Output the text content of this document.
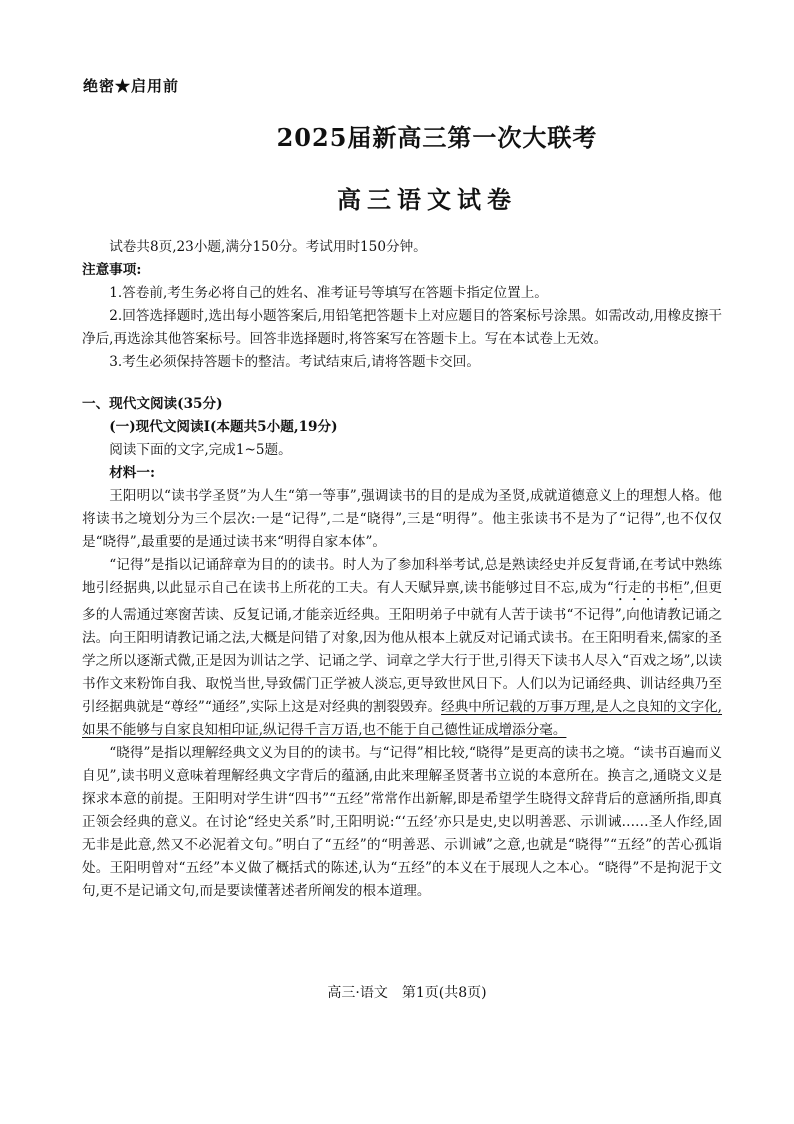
绝密★启用前
2025届新高三第一次大联考
高三语文试卷

试卷共8页,23小题,满分150分。考试用时150分钟。

注意事项:

1.答卷前,考生务必将自己的姓名、准考证号等填写在答题卡指定位置上。

2.回答选择题时,选出每小题答案后,用铅笔把答题卡上对应题目的答案标号涂黑。如需改动,用橡皮擦干净后,再选涂其他答案标号。回答非选择题时,将答案写在答题卡上。写在本试卷上无效。

3.考生必须保持答题卡的整洁。考试结束后,请将答题卡交回。

一、现代文阅读(35分)

(一)现代文阅读Ⅰ(本题共5小题,19分)

阅读下面的文字,完成1~5题。

材料一:

王阳明以“读书学圣贤”为人生“第一等事”,强调读书的目的是成为圣贤,成就道德意义上的理想人格。他将读书之境划分为三个层次:一是“记得”,二是“晓得”,三是“明得”。他主张读书不是为了“记得”,也不仅仅是“晓得”,最重要的是通过读书来“明得自家本体”。

“记得”是指以记诵辞章为目的的读书。时人为了参加科举考试,总是熟读经史并反复背诵,在考试中熟练地引经据典,以此显示自己在读书上所花的工夫。有人天赋异禀,读书能够过目不忘,成为“行走的书柜”,但更多的人需通过寒窗苦读、反复记诵,才能亲近经典。王阳明弟子中就有人苦于读书“不记得”,向他请教记诵之法。向王阳明请教记诵之法,大概是问错了对象,因为他从根本上就反对记诵式读书。在王阳明看来,儒家的圣学之所以逐渐式微,正是因为训诂之学、记诵之学、词章之学大行于世,引得天下读书人尽入“百戏之场”,以读书作文来粉饰自我、取悦当世,导致儒门正学被人淡忘,更导致世风日下。人们以为记诵经典、训诂经典乃至引经据典就是“尊经”“通经”,实际上这是对经典的割裂毁弃。经典中所记载的万事万理,是人之良知的文字化,如果不能够与自家良知相印证,纵记得千言万语,也不能于自己德性证成增添分毫。

“晓得”是指以理解经典文义为目的的读书。与“记得”相比较,“晓得”是更高的读书之境。“读书百遍而义自见”,读书明义意味着理解经典文字背后的蕴涵,由此来理解圣贤著书立说的本意所在。换言之,通晓文义是探求本意的前提。王阳明对学生讲“四书”“五经”常常作出新解,即是希望学生晓得文辞背后的意涵所指,即真正领会经典的意义。在讨论“经史关系”时,王阳明说:“‘五经’亦只是史,史以明善恶、示训诫……圣人作经,固无非是此意,然又不必泥着文句。”明白了“五经”的“明善恶、示训诫”之意,也就是“晓得”“五经”的苦心孤诣处。王阳明曾对“五经”本义做了概括式的陈述,认为“五经”的本义在于展现人之本心。“晓得”不是拘泥于文句,更不是记诵文句,而是要读懂著述者所阐发的根本道理。

高三·语文　第1页(共8页)
